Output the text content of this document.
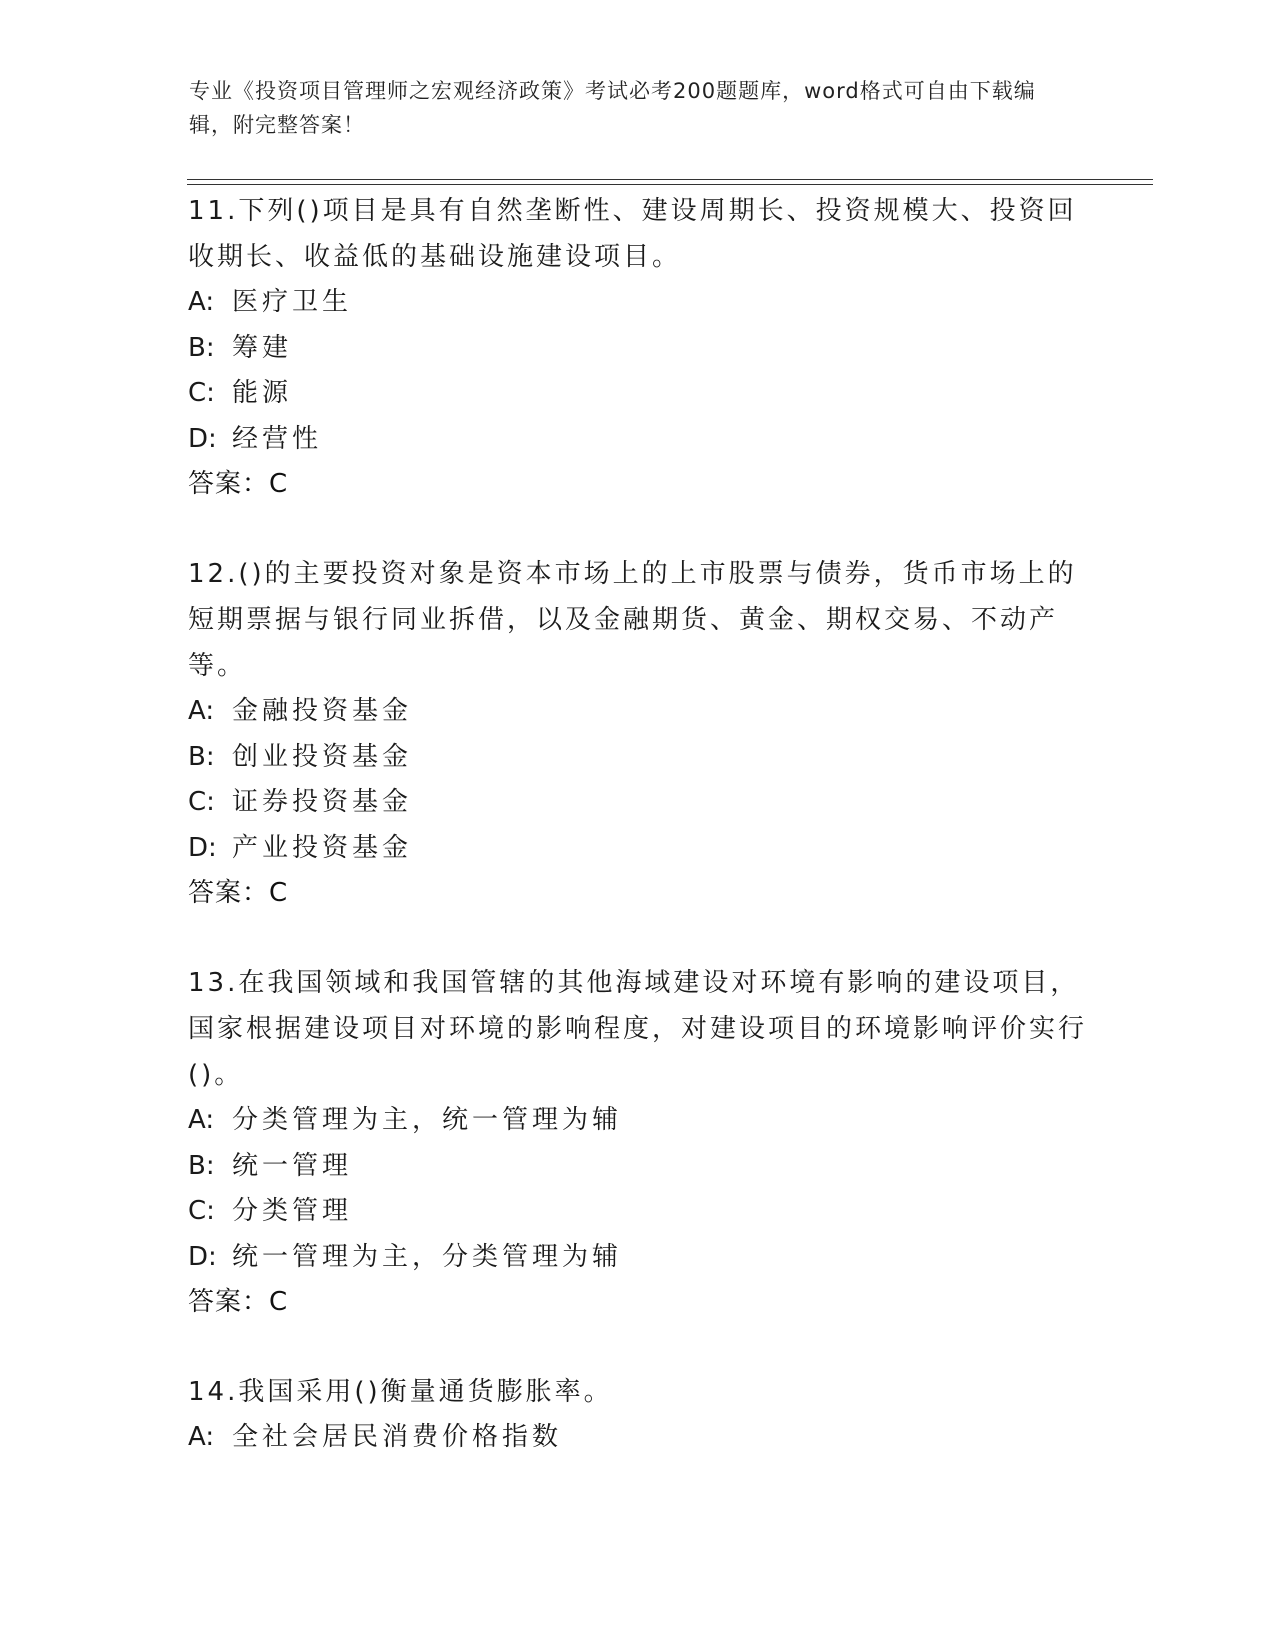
专业《投资项目管理师之宏观经济政策》考试必考200题题库，word格式可自由下载编辑，附完整答案！
11.下列()项目是具有自然垄断性、建设周期长、投资规模大、投资回收期长、收益低的基础设施建设项目。
A: 医疗卫生
B: 筹建
C: 能源
D: 经营性
答案：C
12.()的主要投资对象是资本市场上的上市股票与债券，货币市场上的短期票据与银行同业拆借，以及金融期货、黄金、期权交易、不动产等。
A: 金融投资基金
B: 创业投资基金
C: 证券投资基金
D: 产业投资基金
答案：C
13.在我国领域和我国管辖的其他海域建设对环境有影响的建设项目，国家根据建设项目对环境的影响程度，对建设项目的环境影响评价实行()。
A: 分类管理为主，统一管理为辅
B: 统一管理
C: 分类管理
D: 统一管理为主，分类管理为辅
答案：C
14.我国采用()衡量通货膨胀率。
A: 全社会居民消费价格指数
